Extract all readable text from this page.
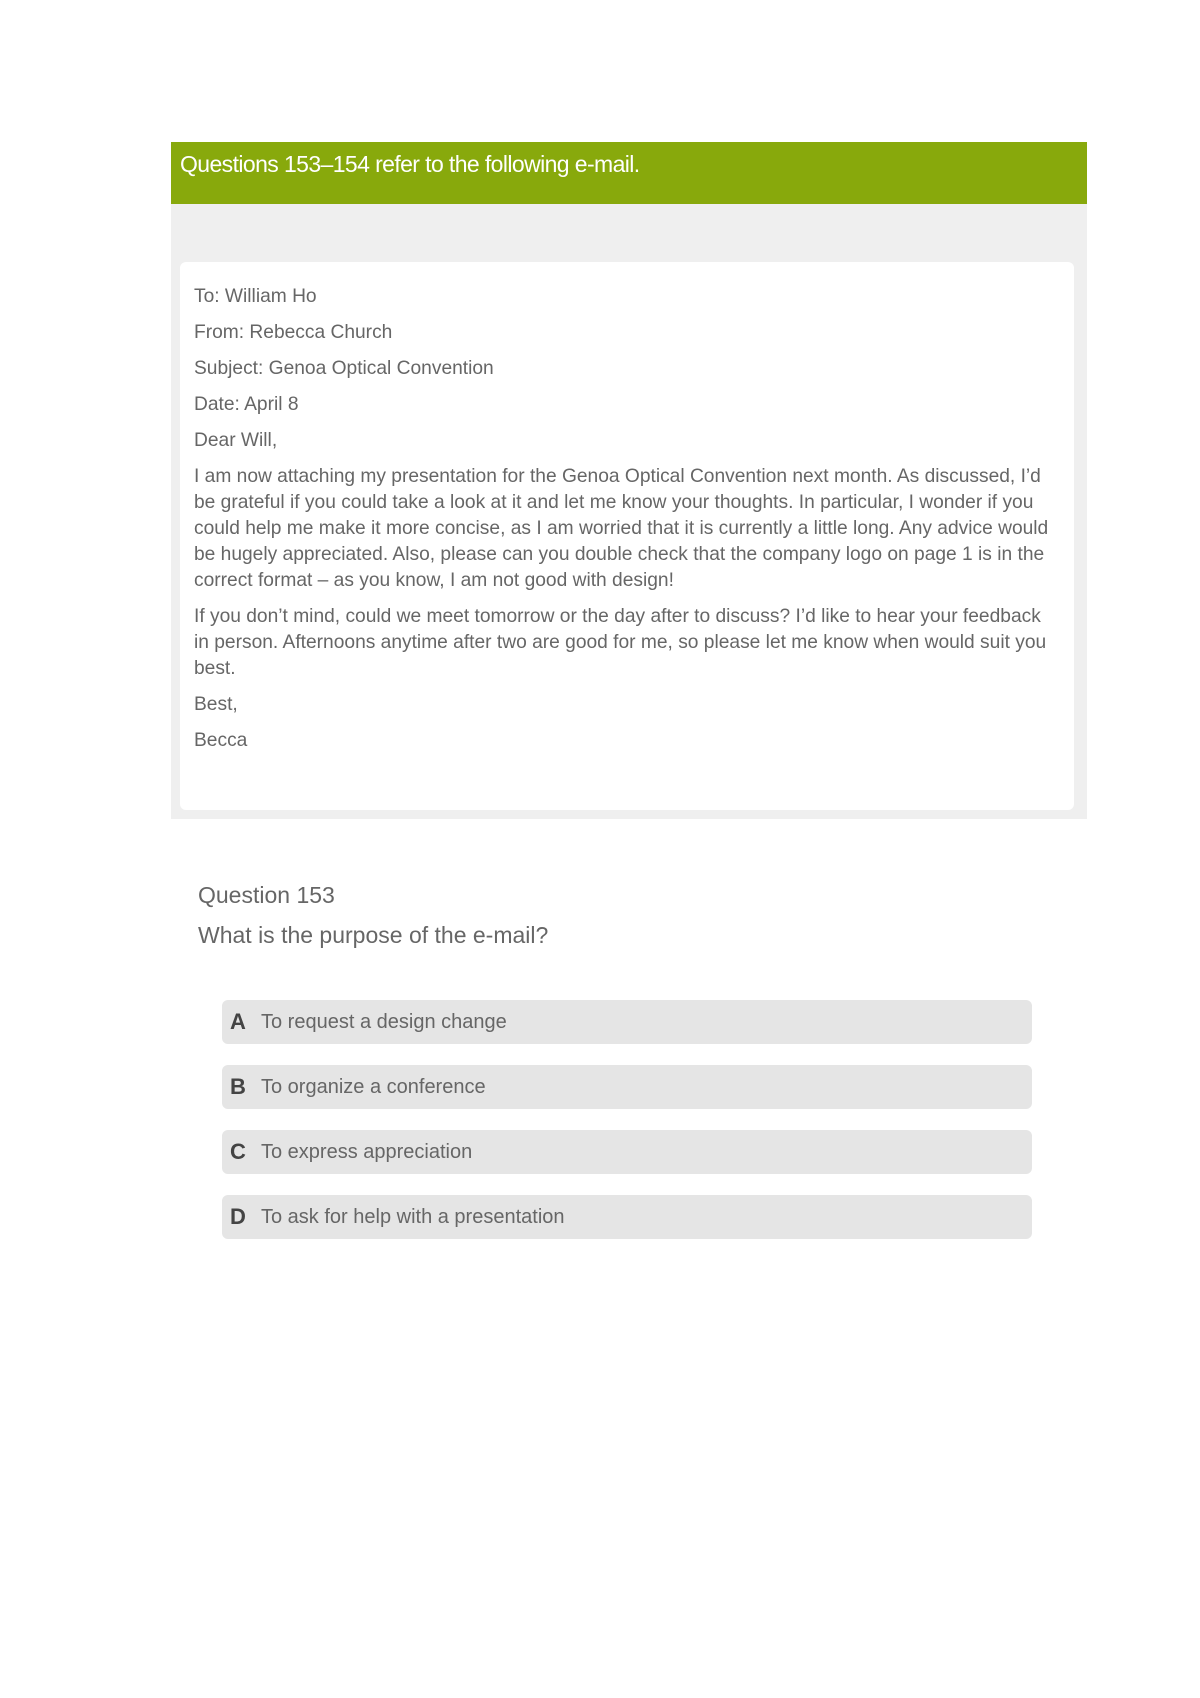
Questions 153–154 refer to the following e-mail.

To: William Ho

From: Rebecca Church

Subject: Genoa Optical Convention

Date: April 8

Dear Will,

I am now attaching my presentation for the Genoa Optical Convention next month. As discussed, I’d be grateful if you could take a look at it and let me know your thoughts. In particular, I wonder if you could help me make it more concise, as I am worried that it is currently a little long. Any advice would be hugely appreciated. Also, please can you double check that the company logo on page 1 is in the correct format – as you know, I am not good with design!

If you don’t mind, could we meet tomorrow or the day after to discuss? I’d like to hear your feedback in person. Afternoons anytime after two are good for me, so please let me know when would suit you best.

Best,

Becca

Question 153
What is the purpose of the e-mail?
A To request a design change
B To organize a conference
C To express appreciation
D To ask for help with a presentation
